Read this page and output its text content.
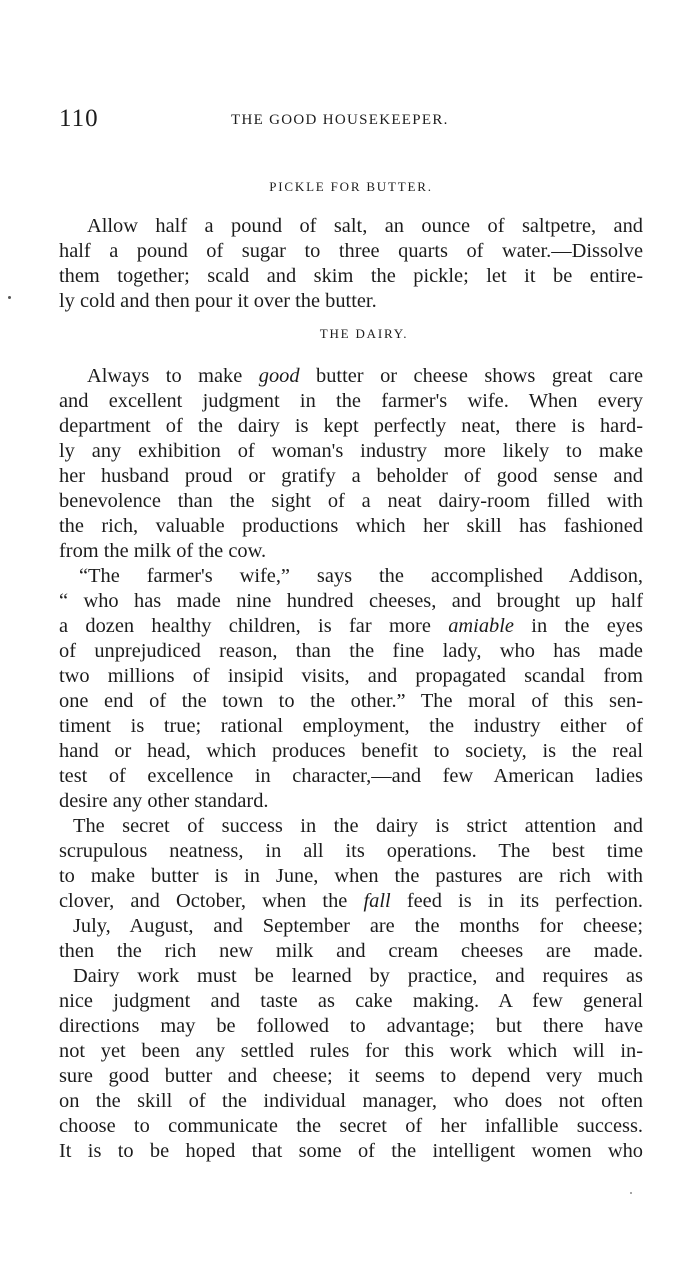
110	THE GOOD HOUSEKEEPER.
PICKLE FOR BUTTER.
Allow half a pound of salt, an ounce of saltpetre, and
half a pound of sugar to three quarts of water.—Dissolve
them together; scald and skim the pickle; let it be entire-
ly cold and then pour it over the butter.
THE DAIRY.
Always to make good butter or cheese shows great care
and excellent judgment in the farmer's wife. When every
department of the dairy is kept perfectly neat, there is hard-
ly any exhibition of woman's industry more likely to make
her husband proud or gratify a beholder of good sense and
benevolence than the sight of a neat dairy-room filled with
the rich, valuable productions which her skill has fashioned
from the milk of the cow.
“The farmer's wife,” says the accomplished Addison,
“ who has made nine hundred cheeses, and brought up half
a dozen healthy children, is far more amiable in the eyes
of unprejudiced reason, than the fine lady, who has made
two millions of insipid visits, and propagated scandal from
one end of the town to the other.” The moral of this sen-
timent is true; rational employment, the industry either of
hand or head, which produces benefit to society, is the real
test of excellence in character,—and few American ladies
desire any other standard.
The secret of success in the dairy is strict attention and
scrupulous neatness, in all its operations. The best time
to make butter is in June, when the pastures are rich with
clover, and October, when the fall feed is in its perfection.
July, August, and September are the months for cheese;
then the rich new milk and cream cheeses are made.
Dairy work must be learned by practice, and requires as
nice judgment and taste as cake making. A few general
directions may be followed to advantage; but there have
not yet been any settled rules for this work which will in-
sure good butter and cheese; it seems to depend very much
on the skill of the individual manager, who does not often
choose to communicate the secret of her infallible success.
It is to be hoped that some of the intelligent women who
